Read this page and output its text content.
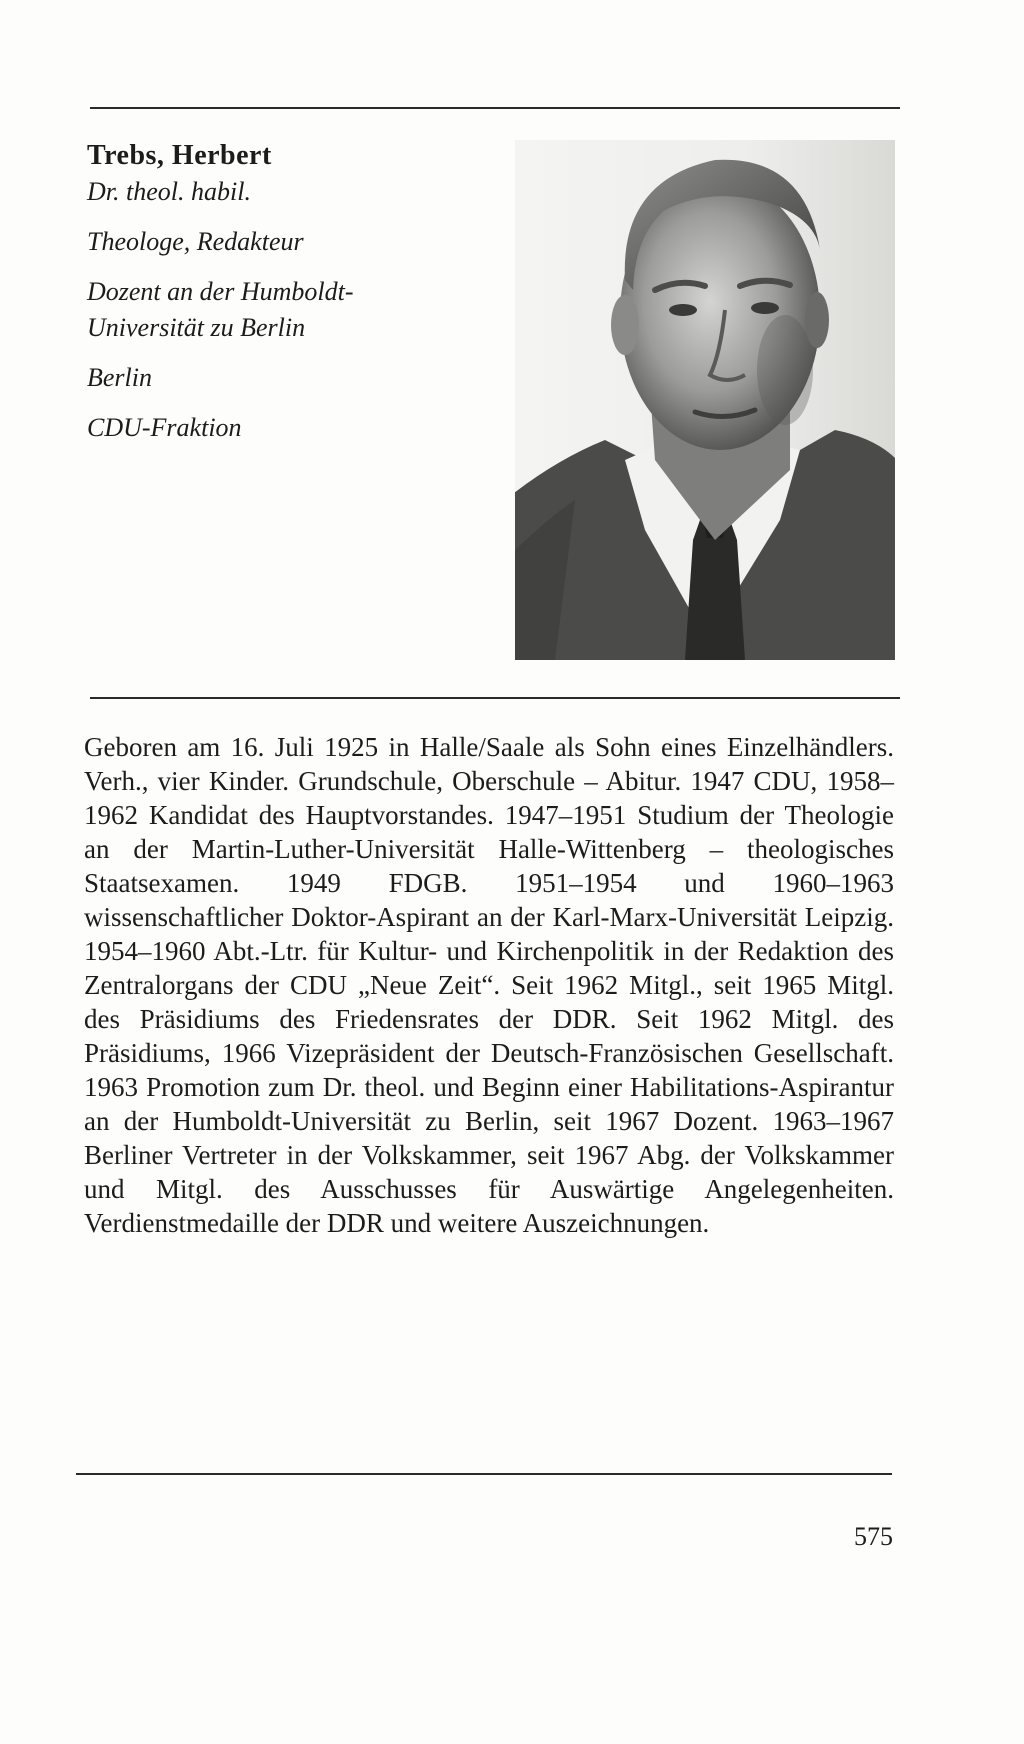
Trebs, Herbert

Dr. theol. habil.

Theologe, Redakteur

Dozent an der Humboldt-

Universität zu Berlin

Berlin

CDU-Fraktion

Geboren am 16. Juli 1925 in Halle/Saale als Sohn eines Einzelhändlers. Verh., vier Kinder. Grundschule, Oberschule – Abitur. 1947 CDU, 1958–1962 Kandidat des Hauptvorstandes. 1947–1951 Studium der Theologie an der Martin-Luther-Universität Halle-Wittenberg – theologisches Staatsexamen. 1949 FDGB. 1951–1954 und 1960–1963 wissenschaftlicher Doktor-Aspirant an der Karl-Marx-Universität Leipzig. 1954–1960 Abt.-Ltr. für Kultur- und Kirchenpolitik in der Redaktion des Zentralorgans der CDU „Neue Zeit“. Seit 1962 Mitgl., seit 1965 Mitgl. des Präsidiums des Friedensrates der DDR. Seit 1962 Mitgl. des Präsidiums, 1966 Vizepräsident der Deutsch-Französischen Gesellschaft. 1963 Promotion zum Dr. theol. und Beginn einer Habilitations-Aspirantur an der Humboldt-Universität zu Berlin, seit 1967 Dozent. 1963–1967 Berliner Vertreter in der Volkskammer, seit 1967 Abg. der Volkskammer und Mitgl. des Ausschusses für Auswärtige Angelegenheiten. Verdienstmedaille der DDR und weitere Auszeichnungen.

575
